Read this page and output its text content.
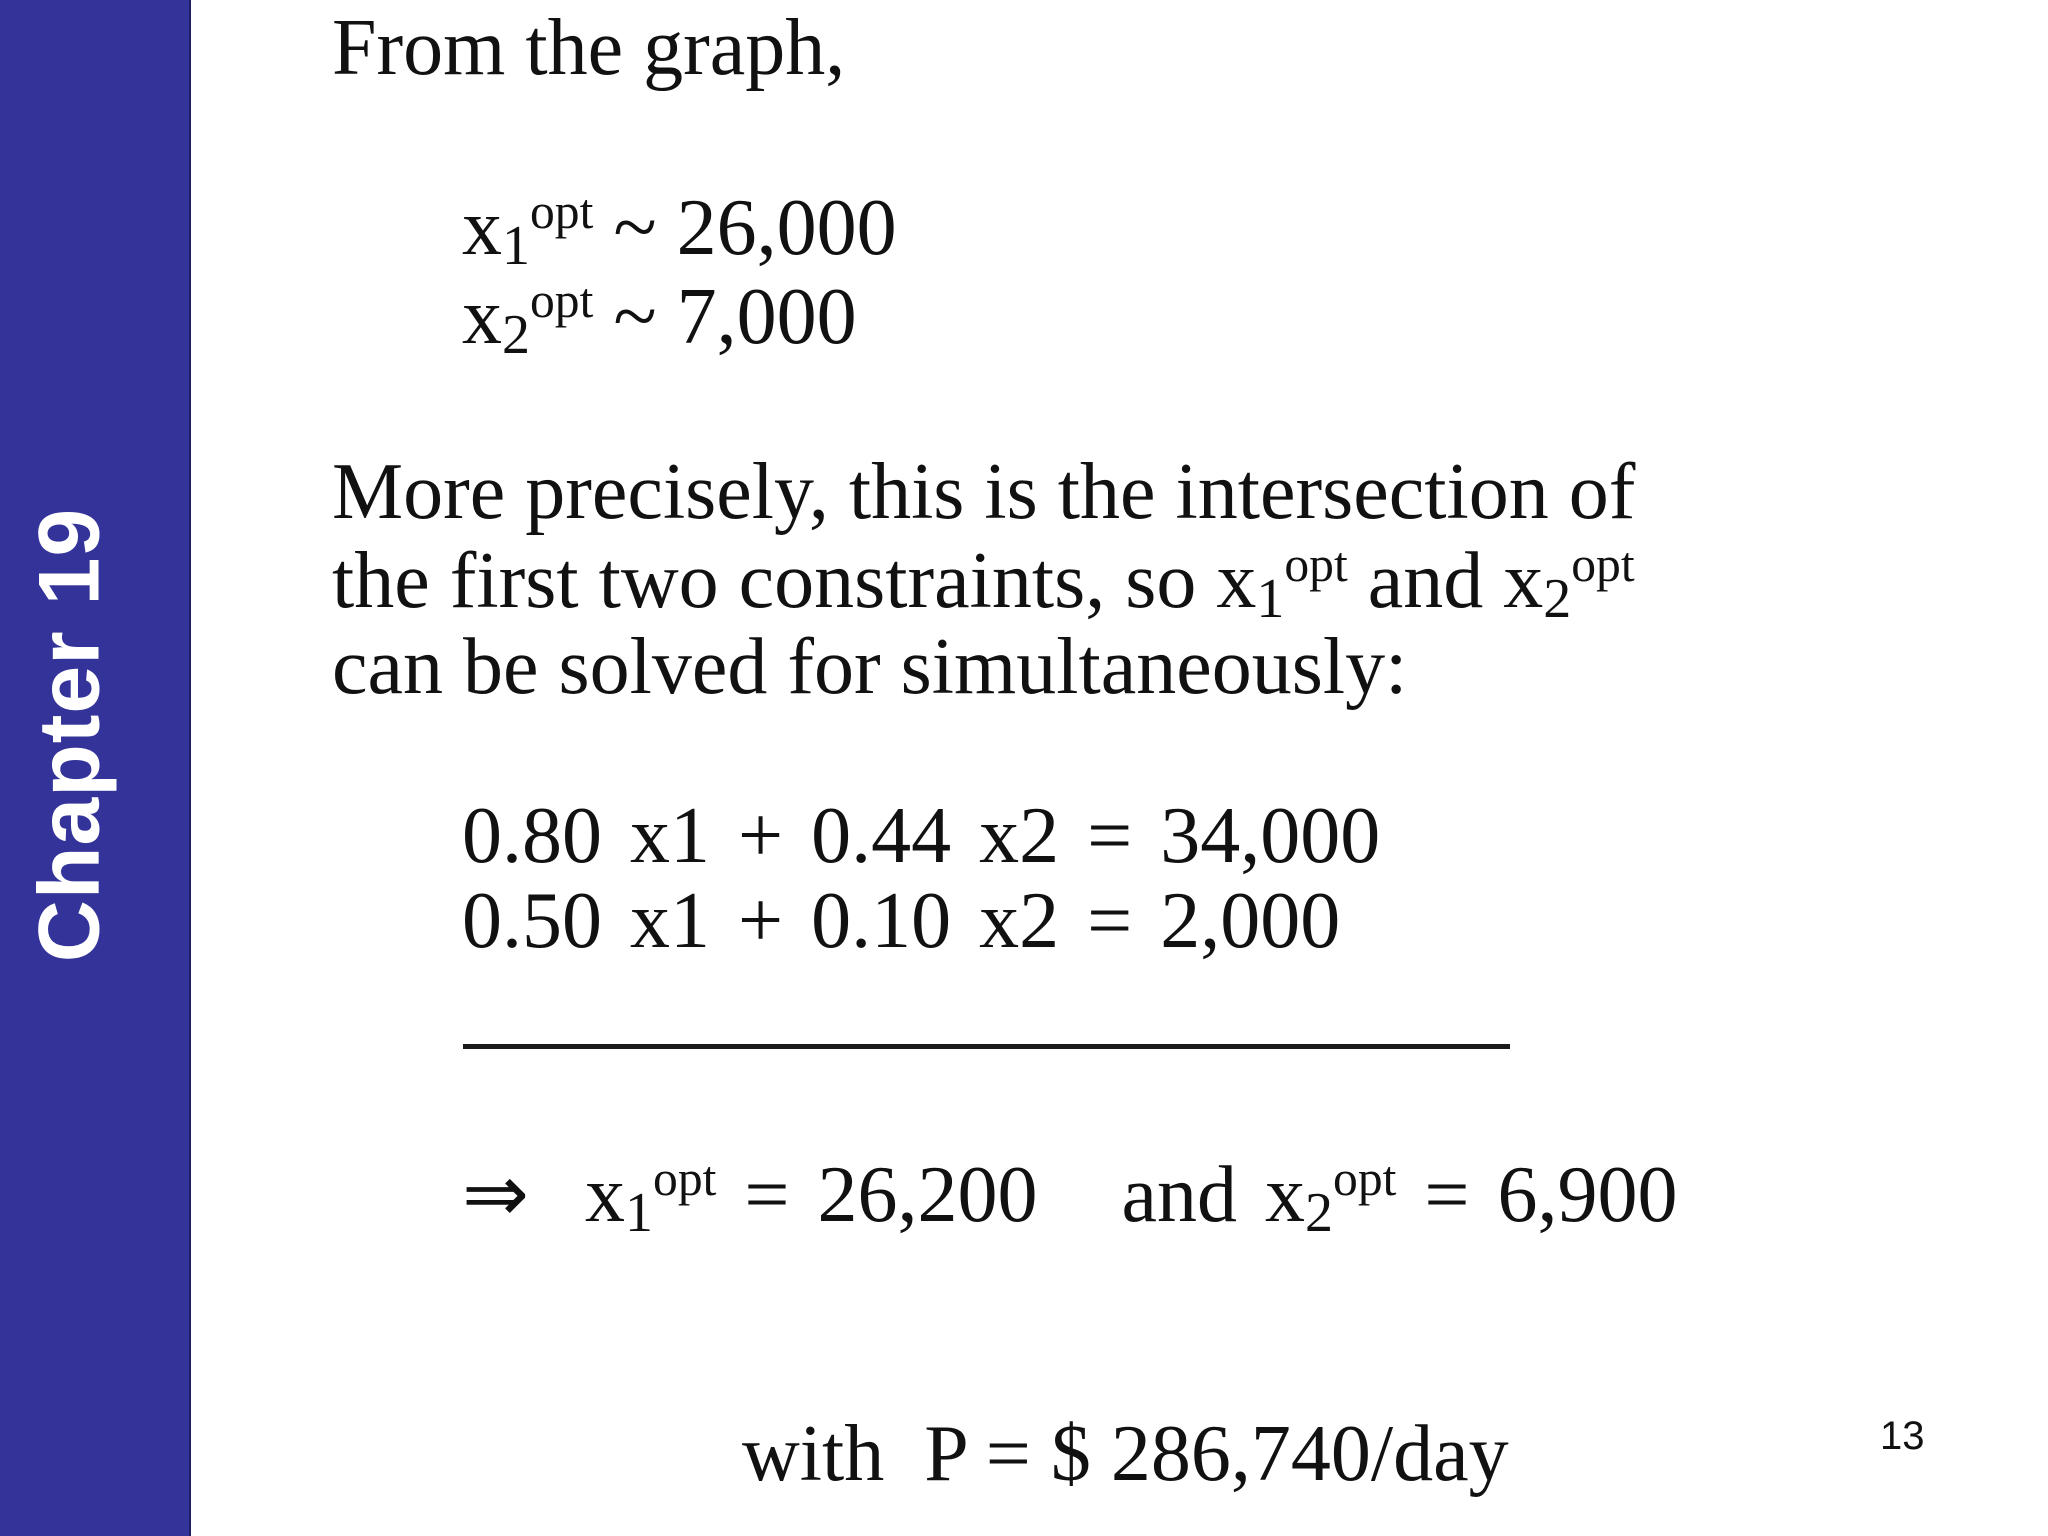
Chapter 19
From the graph,
$x1^{opt}$ ~ 26,000
$x2^{opt}$ ~ 7,000
More precisely, this is the intersection of
the first two constraints, so $x1^{opt}$ and $x2^{opt}$
can be solved for simultaneously:
0.80 x1 + 0.44 x2 = 34,000
0.50 x1 + 0.10 x2 = 2,000
⇒ $x1^{opt} = 26,200$ and $x2^{opt} = 6,900$

with  P = $ 286,740/day
	13
